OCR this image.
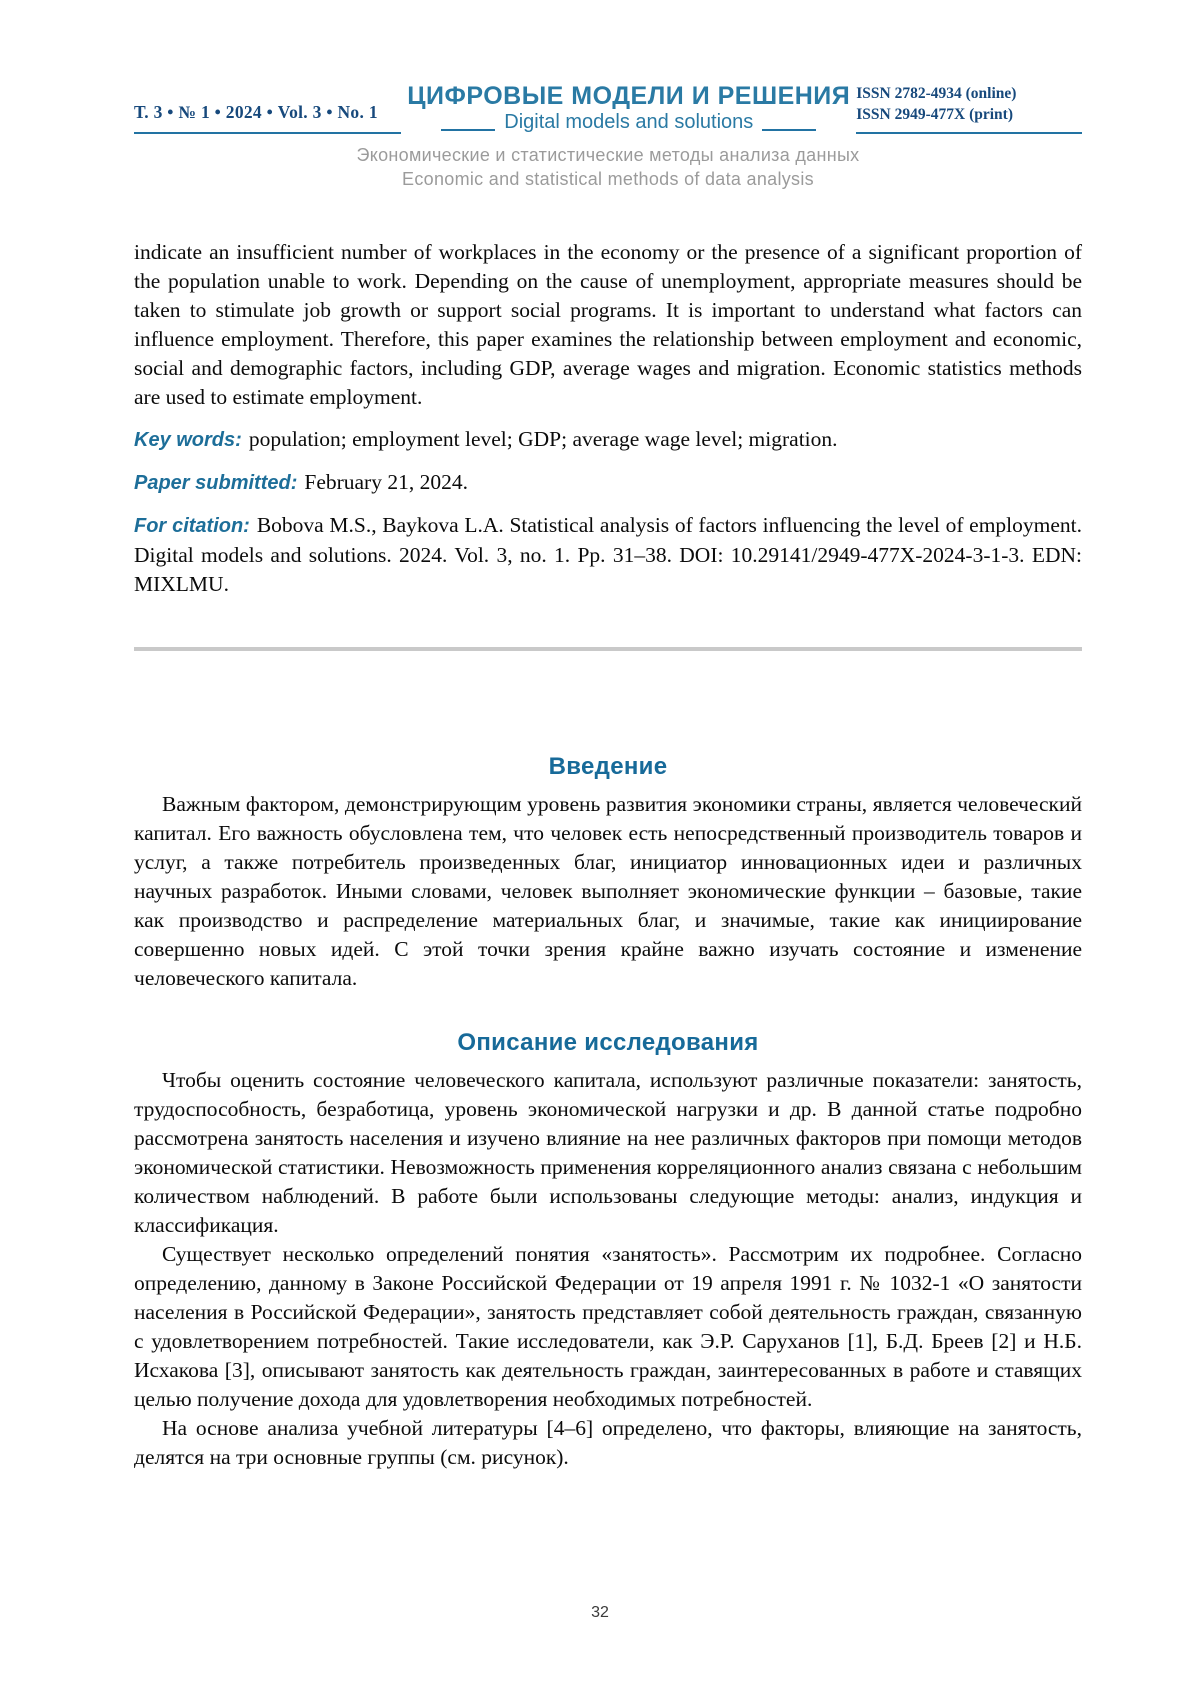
Т. 3 • № 1 • 2024 • Vol. 3 • No. 1
ЦИФРОВЫЕ МОДЕЛИ И РЕШЕНИЯ
Digital models and solutions
ISSN 2782-4934 (online)
ISSN 2949-477X (print)
Экономические и статистические методы анализа данных
Economic and statistical methods of data analysis

indicate an insufficient number of workplaces in the economy or the presence of a significant proportion of the population unable to work. Depending on the cause of unemployment, appropriate measures should be taken to stimulate job growth or support social programs. It is important to understand what factors can influence employment. Therefore, this paper examines the relationship between employment and economic, social and demographic factors, including GDP, average wages and migration. Economic statistics methods are used to estimate employment.

Key words: population; employment level; GDP; average wage level; migration.

Paper submitted: February 21, 2024.

For citation: Bobova M.S., Baykova L.A. Statistical analysis of factors influencing the level of employment. Digital models and solutions. 2024. Vol. 3, no. 1. Pp. 31–38. DOI: 10.29141/2949-477X-2024-3-1-3. EDN: MIXLMU.

Введение

Важным фактором, демонстрирующим уровень развития экономики страны, является человеческий капитал. Его важность обусловлена тем, что человек есть непосредственный производитель товаров и услуг, а также потребитель произведенных благ, инициатор инновационных идеи и различных научных разработок. Иными словами, человек выполняет экономические функции – базовые, такие как производство и распределение материальных благ, и значимые, такие как инициирование совершенно новых идей. С этой точки зрения крайне важно изучать состояние и изменение человеческого капитала.

Описание исследования

Чтобы оценить состояние человеческого капитала, используют различные показатели: занятость, трудоспособность, безработица, уровень экономической нагрузки и др. В данной статье подробно рассмотрена занятость населения и изучено влияние на нее различных факторов при помощи методов экономической статистики. Невозможность применения корреляционного анализ связана с небольшим количеством наблюдений. В работе были использованы следующие методы: анализ, индукция и классификация.

Существует несколько определений понятия «занятость». Рассмотрим их подробнее. Согласно определению, данному в Законе Российской Федерации от 19 апреля 1991 г. № 1032-1 «О занятости населения в Российской Федерации», занятость представляет собой деятельность граждан, связанную с удовлетворением потребностей. Такие исследователи, как Э.Р. Саруханов [1], Б.Д. Бреев [2] и Н.Б. Исхакова [3], описывают занятость как деятельность граждан, заинтересованных в работе и ставящих целью получение дохода для удовлетворения необходимых потребностей.

На основе анализа учебной литературы [4–6] определено, что факторы, влияющие на занятость, делятся на три основные группы (см. рисунок).

32
